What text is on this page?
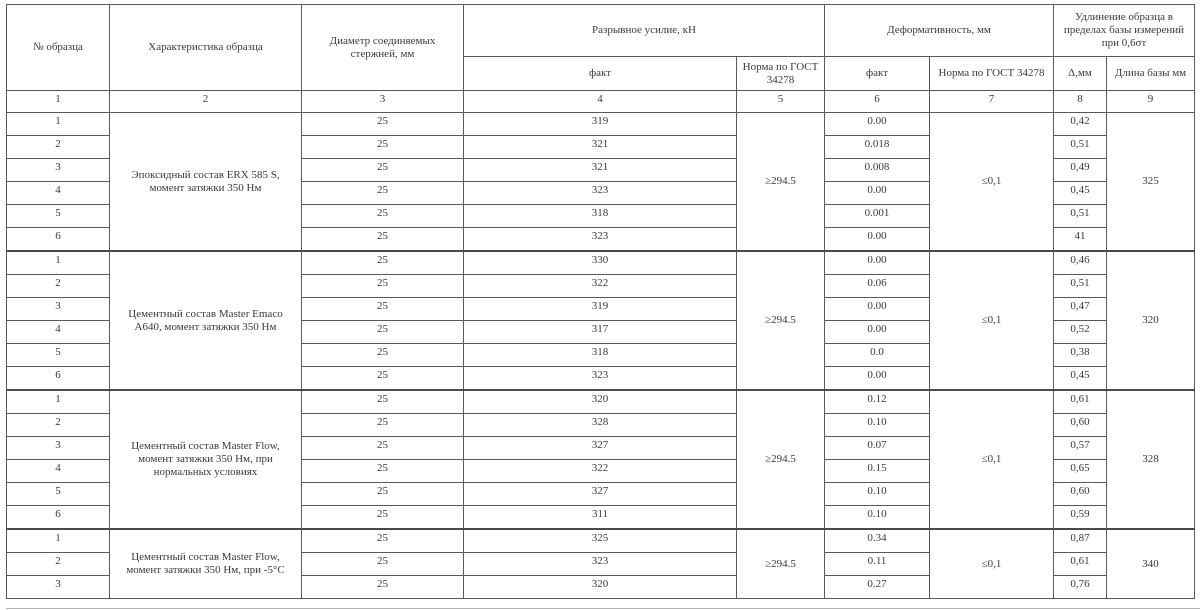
№ образца	Характеристика образца	Диаметр соединяемых стержней, мм	Разрывное усилие, кН		Деформативность, мм		Удлинение образца в пределах базы измерений при 0,6σт	
			факт	Норма по ГОСТ 34278	факт	Норма по ГОСТ 34278	Δ,мм	Длина базы мм
1	2	3	4	5	6	7	8	9
1	Эпоксидный состав ERX 585 S, момент затяжки 350 Нм	25	319	≥294.5	0.00	≤0,1	0,42	325
2		25	321		0.018		0,51	
3		25	321		0.008		0,49	
4		25	323		0.00		0,45	
5		25	318		0.001		0,51	
6		25	323		0.00		41	
1	Цементный состав Master Emaco A640, момент затяжки 350 Нм	25	330	≥294.5	0.00	≤0,1	0,46	320
2		25	322		0.06		0,51	
3		25	319		0.00		0,47	
4		25	317		0.00		0,52	
5		25	318		0.0		0,38	
6		25	323		0.00		0,45	
1	Цементный состав Master Flow, момент затяжки 350 Нм, при нормальных условиях	25	320	≥294.5	0.12	≤0,1	0,61	328
2		25	328		0.10		0,60	
3		25	327		0.07		0,57	
4		25	322		0.15		0,65	
5		25	327		0.10		0,60	
6		25	311		0.10		0,59	
1	Цементный состав Master Flow, момент затяжки 350 Нм, при -5°С	25	325	≥294.5	0.34	≤0,1	0,87	340
2		25	323		0.11		0,61	
3		25	320		0.27		0,76	
